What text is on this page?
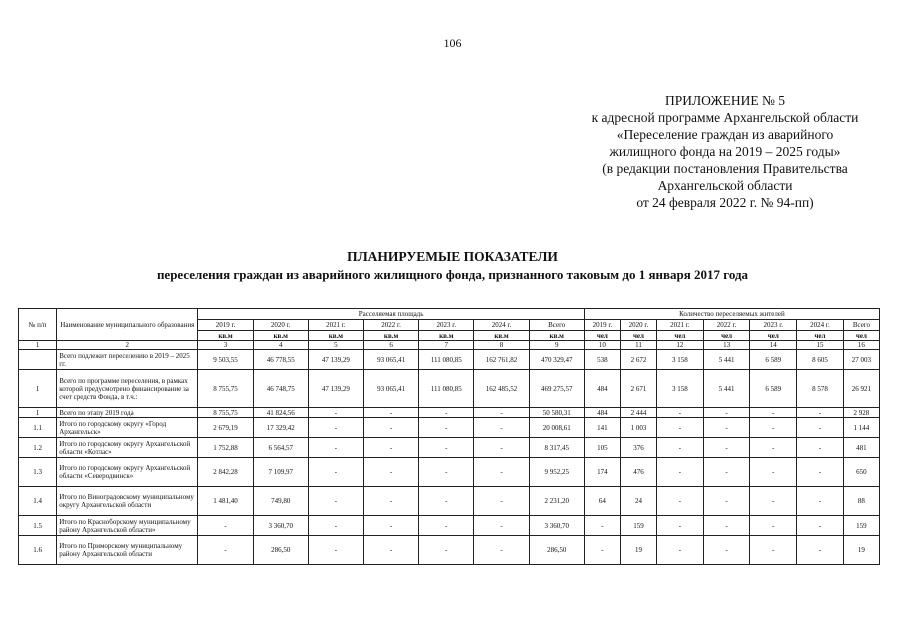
106
ПРИЛОЖЕНИЕ № 5
к адресной программе Архангельской области
«Переселение граждан из аварийного
жилищного фонда на 2019 – 2025 годы»
(в редакции постановления Правительства
Архангельской области
от 24 февраля 2022 г. № 94-пп)
ПЛАНИРУЕМЫЕ ПОКАЗАТЕЛИ
переселения граждан из аварийного жилищного фонда, признанного таковым до 1 января 2017 года
№ п/п	Наименование муниципального образования	Расселяемая площадь							Количество переселяемых жителей						
		2019 г.	2020 г.	2021 г.	2022 г.	2023 г.	2024 г.	Всего	2019 г.	2020 г.	2021 г.	2022 г.	2023 г.	2024 г.	Всего
		кв.м	кв.м	кв.м	кв.м	кв.м	кв.м	кв.м	чел	чел	чел	чел	чел	чел	чел
1	2	3	4	5	6	7	8	9	10	11	12	13	14	15	16
	Всего подлежит переселению в 2019 – 2025 гг.	9 503,55	46 778,55	47 139,29	93 065,41	111 080,85	162 761,82	470 329,47	538	2 672	3 158	5 441	6 589	8 605	27 003
1	Всего по программе переселения, в рамках которой предусмотрено финансирование за счет средств Фонда, в т.ч.:	8 755,75	46 748,75	47 139,29	93 065,41	111 080,85	162 485,52	469 275,57	484	2 671	3 158	5 441	6 589	8 578	26 921
1	Всего по этапу 2019 года	8 755,75	41 824,56	-	-	-	-	50 580,31	484	2 444	-	-	-	-	2 928
1.1	Итого по городскому округу «Город Архангельск»	2 679,19	17 329,42	-	-	-	-	20 008,61	141	1 003	-	-	-	-	1 144
1.2	Итого по городскому округу Архангельской области «Котлас»	1 752,88	6 564,57	-	-	-	-	8 317,45	105	376	-	-	-	-	481
1.3	Итого по городскому округу Архангельской области «Северодвинск»	2 842,28	7 109,97	-	-	-	-	9 952,25	174	476	-	-	-	-	650
1.4	Итого по Виноградовскому муниципальному округу Архангельской области	1 481,40	749,80	-	-	-	-	2 231,20	64	24	-	-	-	-	88
1.5	Итого по Красноборскому муниципальному району Архангельской области»	-	3 360,70	-	-	-	-	3 360,70	-	159	-	-	-	-	159
1.6	Итого по Приморскому муниципальному району Архангельской области	-	286,50	-	-	-	-	286,50	-	19	-	-	-	-	19
